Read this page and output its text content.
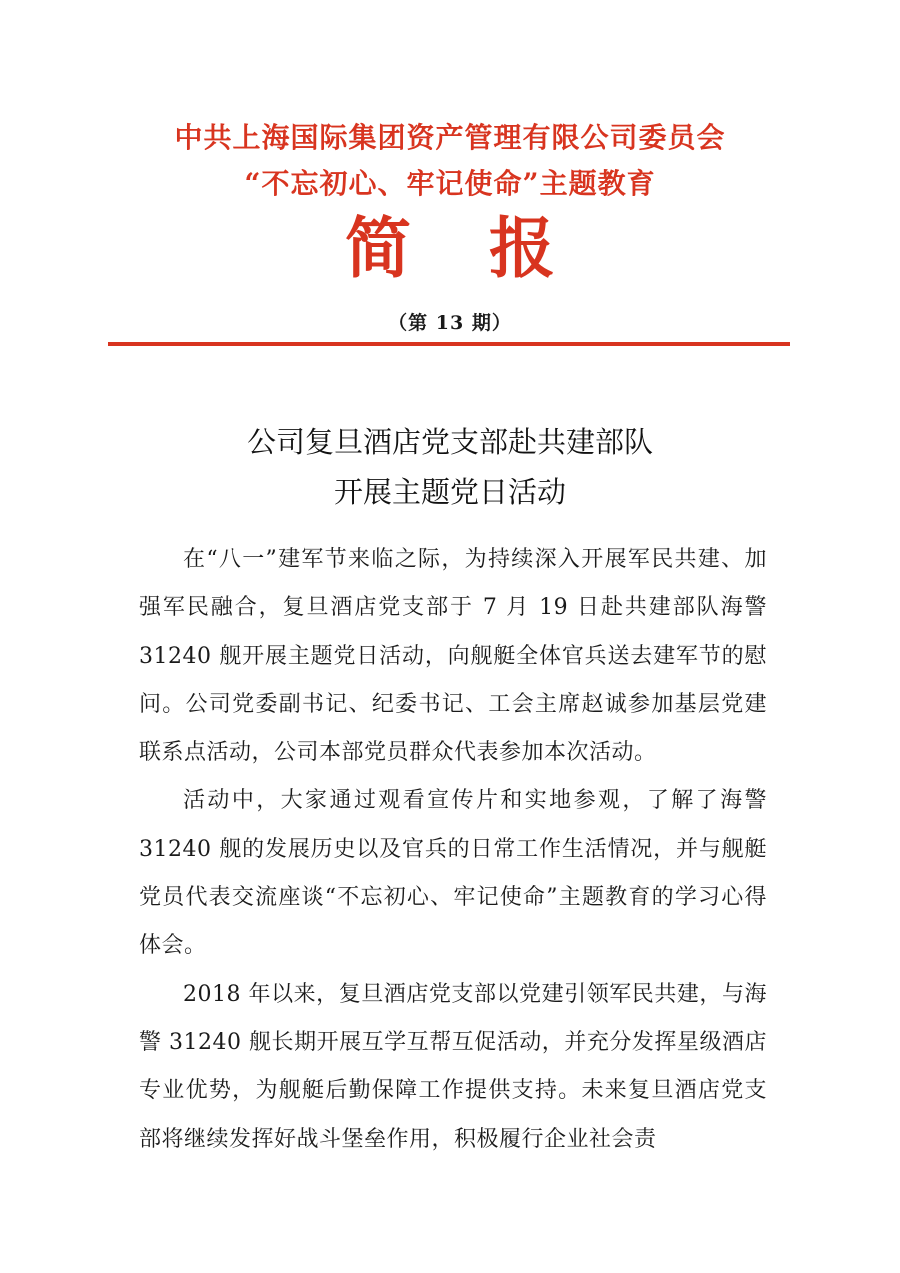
中共上海国际集团资产管理有限公司委员会
“不忘初心、牢记使命”主题教育
简报
（第 13 期）
公司复旦酒店党支部赴共建部队
开展主题党日活动

在“八一”建军节来临之际，为持续深入开展军民共建、加强军民融合，复旦酒店党支部于 7 月 19 日赴共建部队海警 31240 舰开展主题党日活动，向舰艇全体官兵送去建军节的慰问。公司党委副书记、纪委书记、工会主席赵诚参加基层党建联系点活动，公司本部党员群众代表参加本次活动。

活动中，大家通过观看宣传片和实地参观，了解了海警 31240 舰的发展历史以及官兵的日常工作生活情况，并与舰艇党员代表交流座谈“不忘初心、牢记使命”主题教育的学习心得体会。

2018 年以来，复旦酒店党支部以党建引领军民共建，与海警 31240 舰长期开展互学互帮互促活动，并充分发挥星级酒店专业优势，为舰艇后勤保障工作提供支持。未来复旦酒店党支部将继续发挥好战斗堡垒作用，积极履行企业社会责
